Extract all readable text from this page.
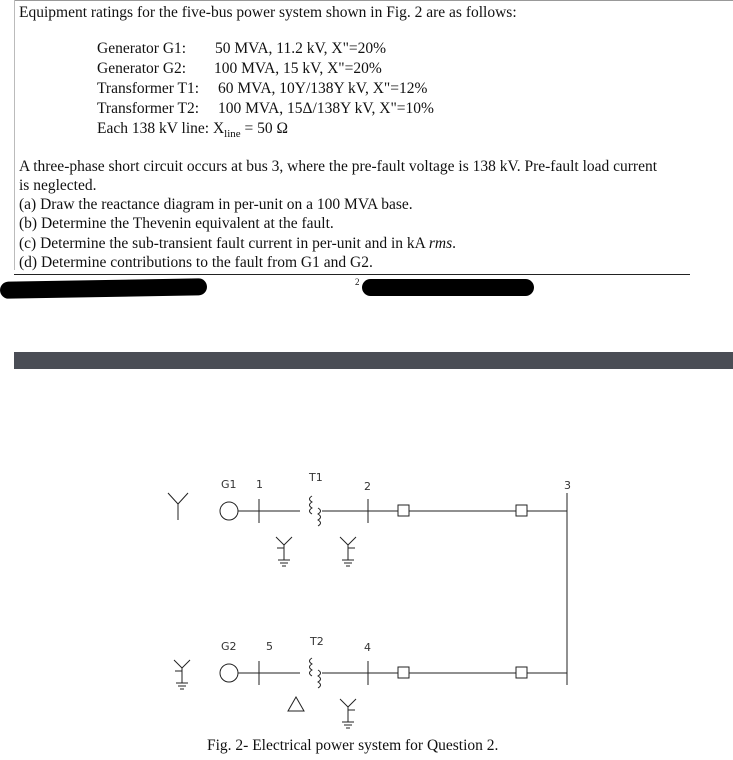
Equipment ratings for the five-bus power system shown in Fig. 2 are as follows:
Generator G1: 50 MVA, 11.2 kV, X"=20%
Generator G2: 100 MVA, 15 kV, X"=20%
Transformer T1: 60 MVA, 10Y/138Y kV, X"=12%
Transformer T2: 100 MVA, 15Δ/138Y kV, X"=10%
Each 138 kV line: $X_{line} = 50$ Ω
A three-phase short circuit occurs at bus 3, where the pre-fault voltage is 138 kV. Pre-fault load current
is neglected.
(a) Draw the reactance diagram in per-unit on a 100 MVA base.
(b) Determine the Thevenin equivalent at the fault.
(c) Determine the sub-transient fault current in per-unit and in kA rms.
(d) Determine contributions to the fault from G1 and G2.
2
G1 1
T1
2	3
G2	5	T2	4
Fig. 2- Electrical power system for Question 2.
